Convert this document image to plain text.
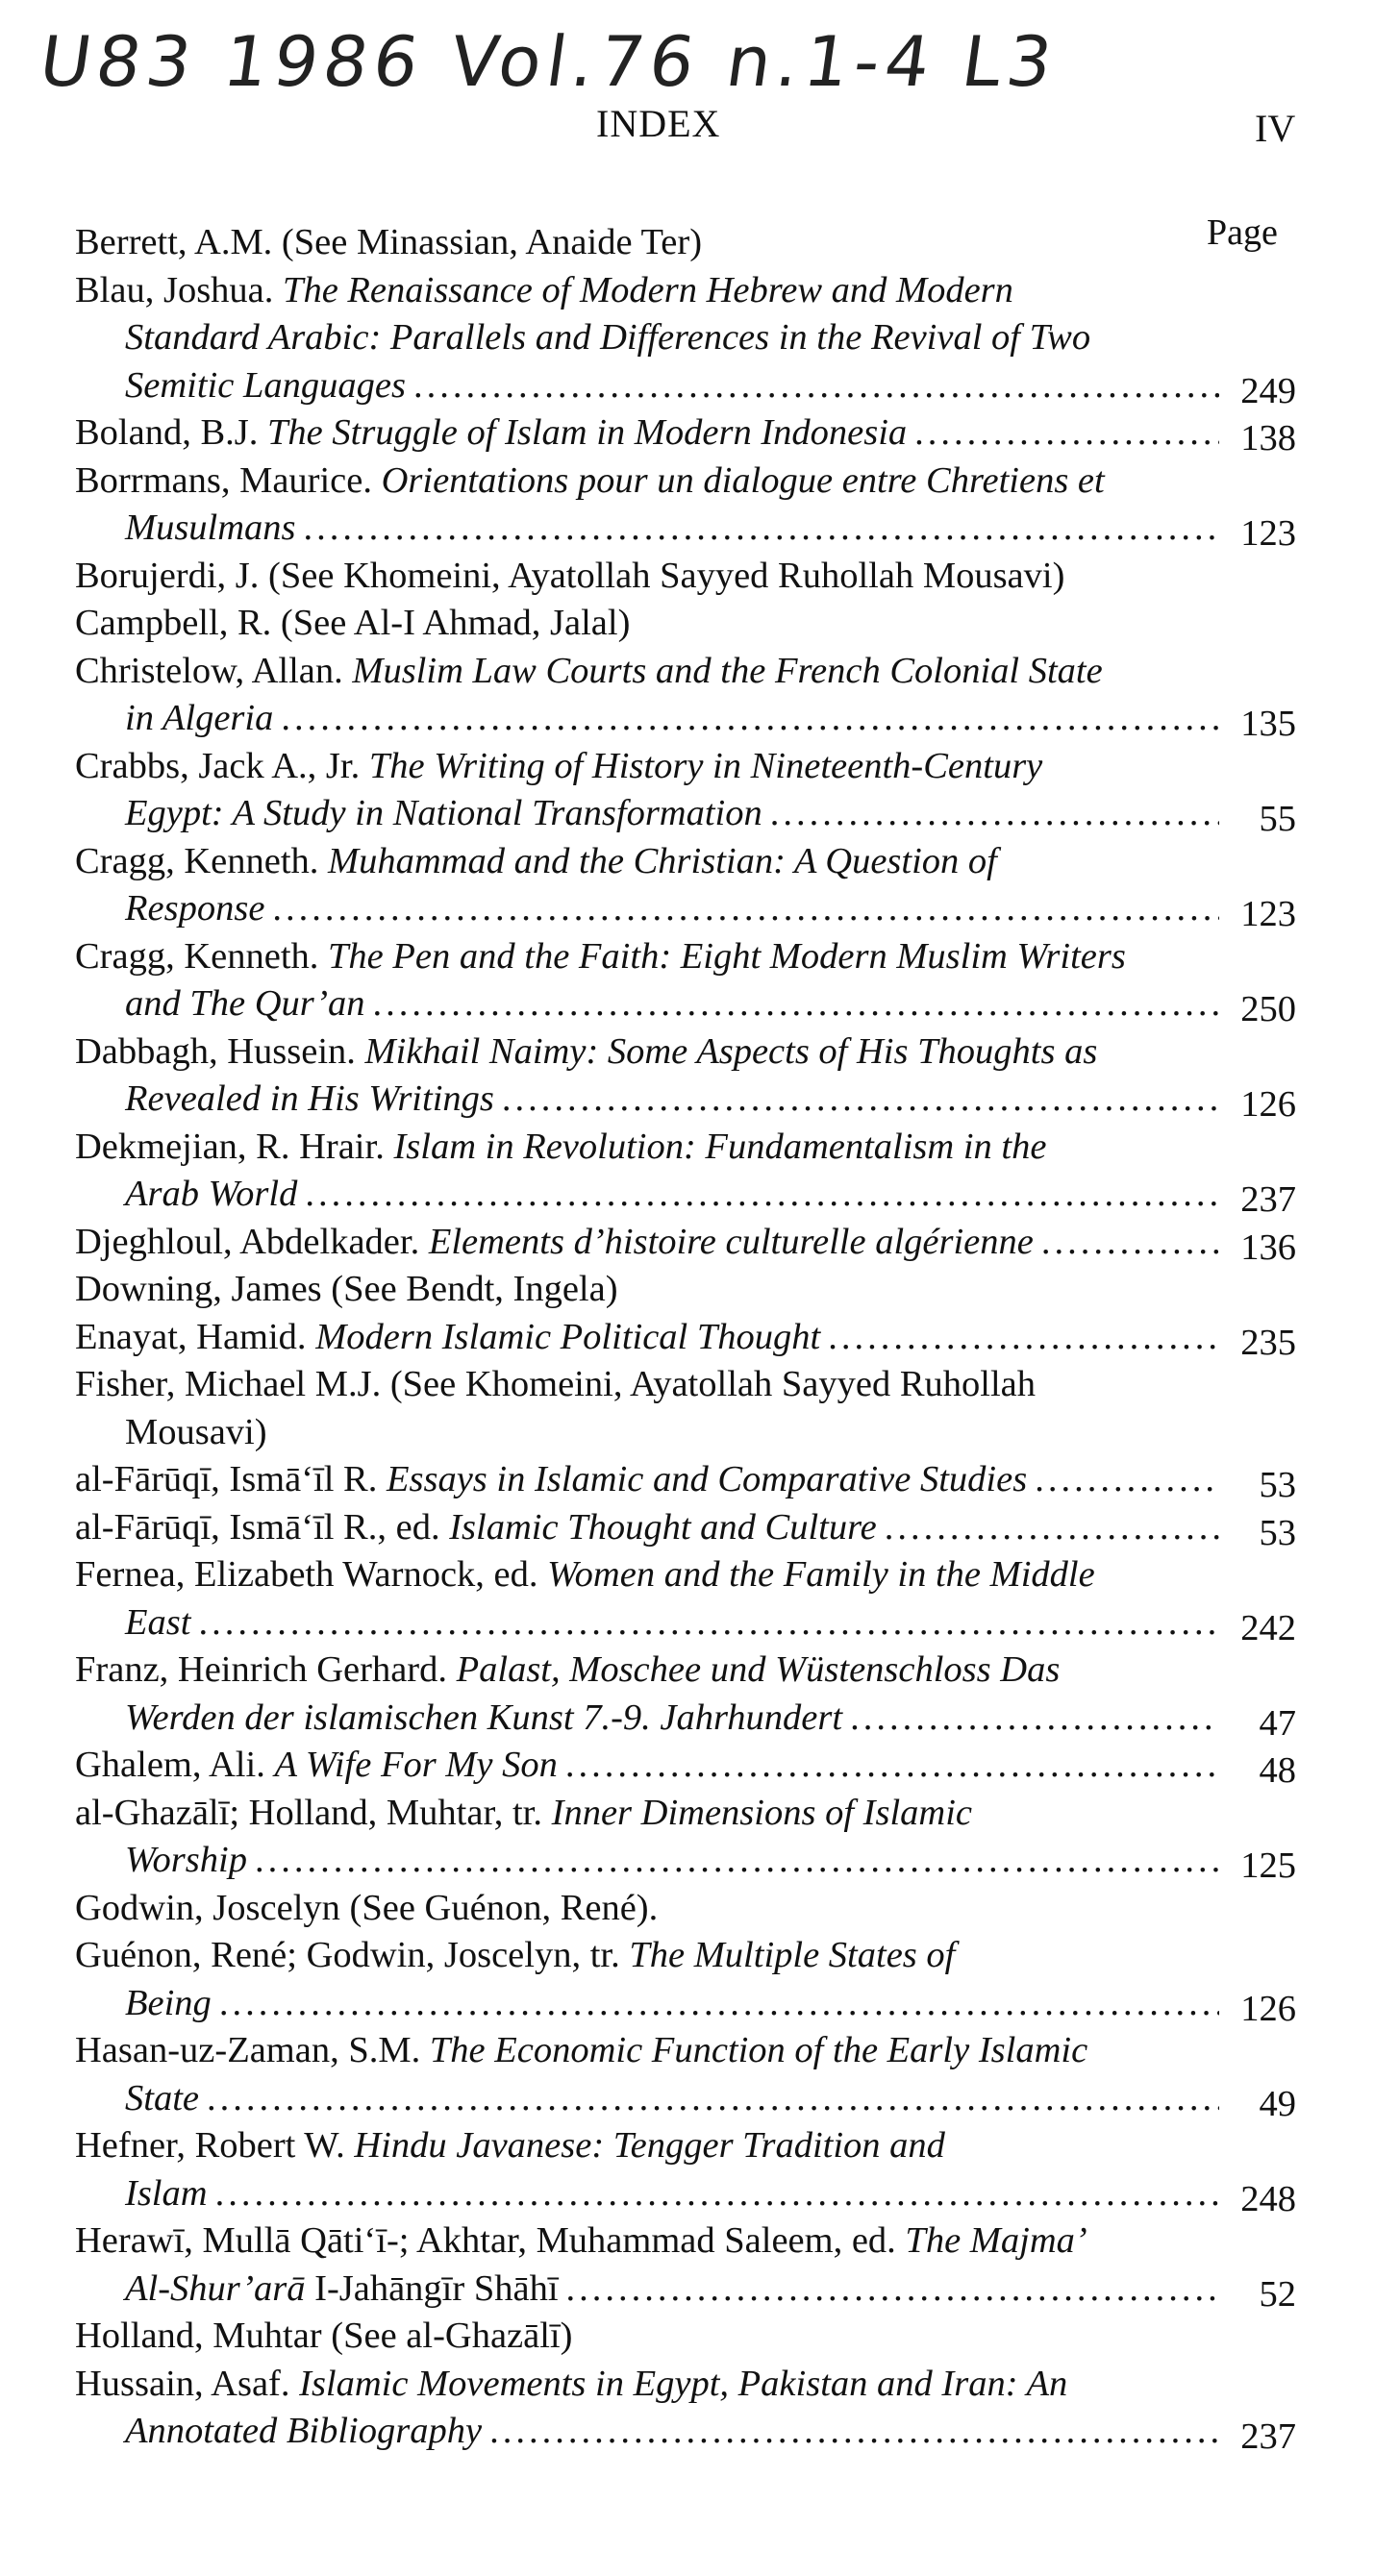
U83 1986 Vol.76 n.1-4 L3
INDEX	IV
Page
Berrett, A.M. (See Minassian, Anaide Ter)
Blau, Joshua. The Renaissance of Modern Hebrew and Modern
Standard Arabic: Parallels and Differences in the Revival of Two
249
Semitic Languages
.....
138
Boland, B.J. The Struggle of Islam in Modern Indonesia
.....
Borrmans, Maurice. Orientations pour un dialogue entre Chretiens et
123
Musulmans
.....
Borujerdi, J. (See Khomeini, Ayatollah Sayyed Ruhollah Mousavi)
Campbell, R. (See Al-I Ahmad, Jalal)
Christelow, Allan. Muslim Law Courts and the French Colonial State
135
in Algeria
.....
Crabbs, Jack A., Jr. The Writing of History in Nineteenth-Century
55
Egypt: A Study in National Transformation
.....
Cragg, Kenneth. Muhammad and the Christian: A Question of
123
Response
.....
Cragg, Kenneth. The Pen and the Faith: Eight Modern Muslim Writers
250
and The Qur’an
.....
Dabbagh, Hussein. Mikhail Naimy: Some Aspects of His Thoughts as
126
Revealed in His Writings
.....
Dekmejian, R. Hrair. Islam in Revolution: Fundamentalism in the
237
Arab World
.....
136
Djeghloul, Abdelkader. Elements d’histoire culturelle algérienne
.....
Downing, James (See Bendt, Ingela)
235
Enayat, Hamid. Modern Islamic Political Thought
.....
Fisher, Michael M.J. (See Khomeini, Ayatollah Sayyed Ruhollah
Mousavi)
53
al-Fārūqī, Ismā‘īl R. Essays in Islamic and Comparative Studies
.....
53
al-Fārūqī, Ismā‘īl R., ed. Islamic Thought and Culture
.....
Fernea, Elizabeth Warnock, ed. Women and the Family in the Middle
242
East
.....
Franz, Heinrich Gerhard. Palast, Moschee und Wüstenschloss Das
47
Werden der islamischen Kunst 7.-9. Jahrhundert
.....
48
Ghalem, Ali. A Wife For My Son
.....
al-Ghazālī; Holland, Muhtar, tr. Inner Dimensions of Islamic
125
Worship
.....
Godwin, Joscelyn (See Guénon, René).
Guénon, René; Godwin, Joscelyn, tr. The Multiple States of
126
Being
.....
Hasan-uz-Zaman, S.M. The Economic Function of the Early Islamic
49
State
.....
Hefner, Robert W. Hindu Javanese: Tengger Tradition and
248
Islam
.....
Herawī, Mullā Qāti‘ī-; Akhtar, Muhammad Saleem, ed. The Majma’
52
Al-Shur’arā I-Jahāngīr Shāhī
.....
Holland, Muhtar (See al-Ghazālī)
Hussain, Asaf. Islamic Movements in Egypt, Pakistan and Iran: An
237
Annotated Bibliography
.....
